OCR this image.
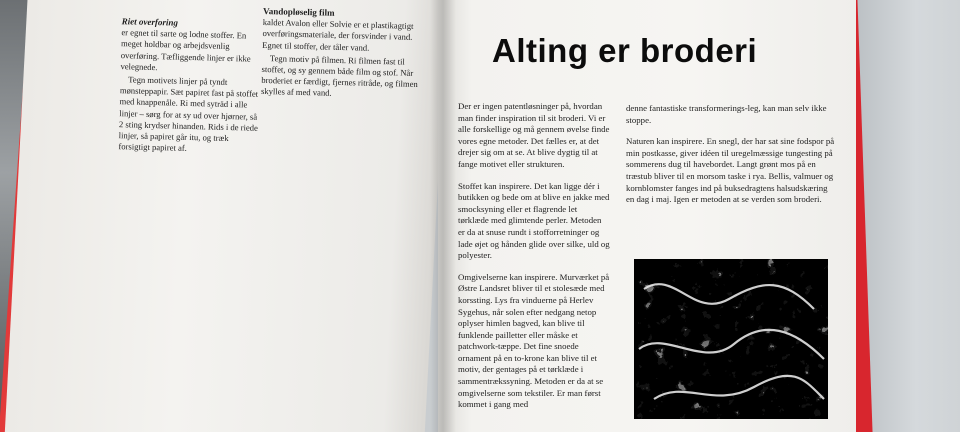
Riet overforing

er egnet til sarte og lodne stoffer. En meget holdbar og arbejdsvenlig overføring. Tæfliggende linjer er ikke velegnede.

Tegn motivets linjer på tyndt mønstерpapir. Sæt papiret fast på stoffet med knappenåle. Ri med syträd i alle linjer – sørg for at sy ud over hjørner, så 2 sting krydser hinanden. Rids i de riede linjer, så papiret går itu, og træk forsigtigt papiret af.

Vandopløselig film

kaldet Avalon eller Solvie er et plastikagtigt overføringsmateriale, der forsvinder i vand. Egnet til stoffer, der tåler vand.

Tegn motiv på filmen. Ri filmen fast til stoffet, og sy gennem både film og stof. Når broderiet er færdigt, fjernes ritråde, og filmen skylles af med vand.

Alting er broderi

Der er ingen patentløsninger på, hvordan man finder inspiration til sit broderi. Vi er alle forskellige og må gennem øvelse finde vores egne metoder. Det fælles er, at det drejer sig om at se. At blive dygtig til at fange motivet eller strukturen.

Stoffet kan inspirere. Det kan ligge dér i butikken og bede om at blive en jakke med smocksyning eller et flagrende let tørklæde med glimtende perler. Metoden er da at snuse rundt i stofforretninger og lade øjet og hånden glide over silke, uld og polyester.

Omgivelserne kan inspirere. Murværket på Østre Landsret bliver til et stolesæde med korssting. Lys fra vinduerne på Herlev Sygehus, når solen efter nedgang netop oplyser himlen bagved, kan blive til funklende pailletter eller måske et patchwork-tæppe. Det fine snoede ornament på en to-krone kan blive til et motiv, der gentages på et tørklæde i sammentrækssyning. Metoden er da at se omgivelserne som tekstiler. Er man først kommet i gang med

denne fantastiske transformerings-leg, kan man selv ikke stoppe.

Naturen kan inspirere. En snegl, der har sat sine fodspor på min postkasse, giver idéen til uregelmæssige tungesting på sommerens dug til havebordet. Langt grønt mos på en træstub bliver til en morsom taske i rya. Bellis, valmuer og kornblomster fanges ind på buksedragtens halsudskæring en dag i maj. Igen er metoden at se verden som broderi.
